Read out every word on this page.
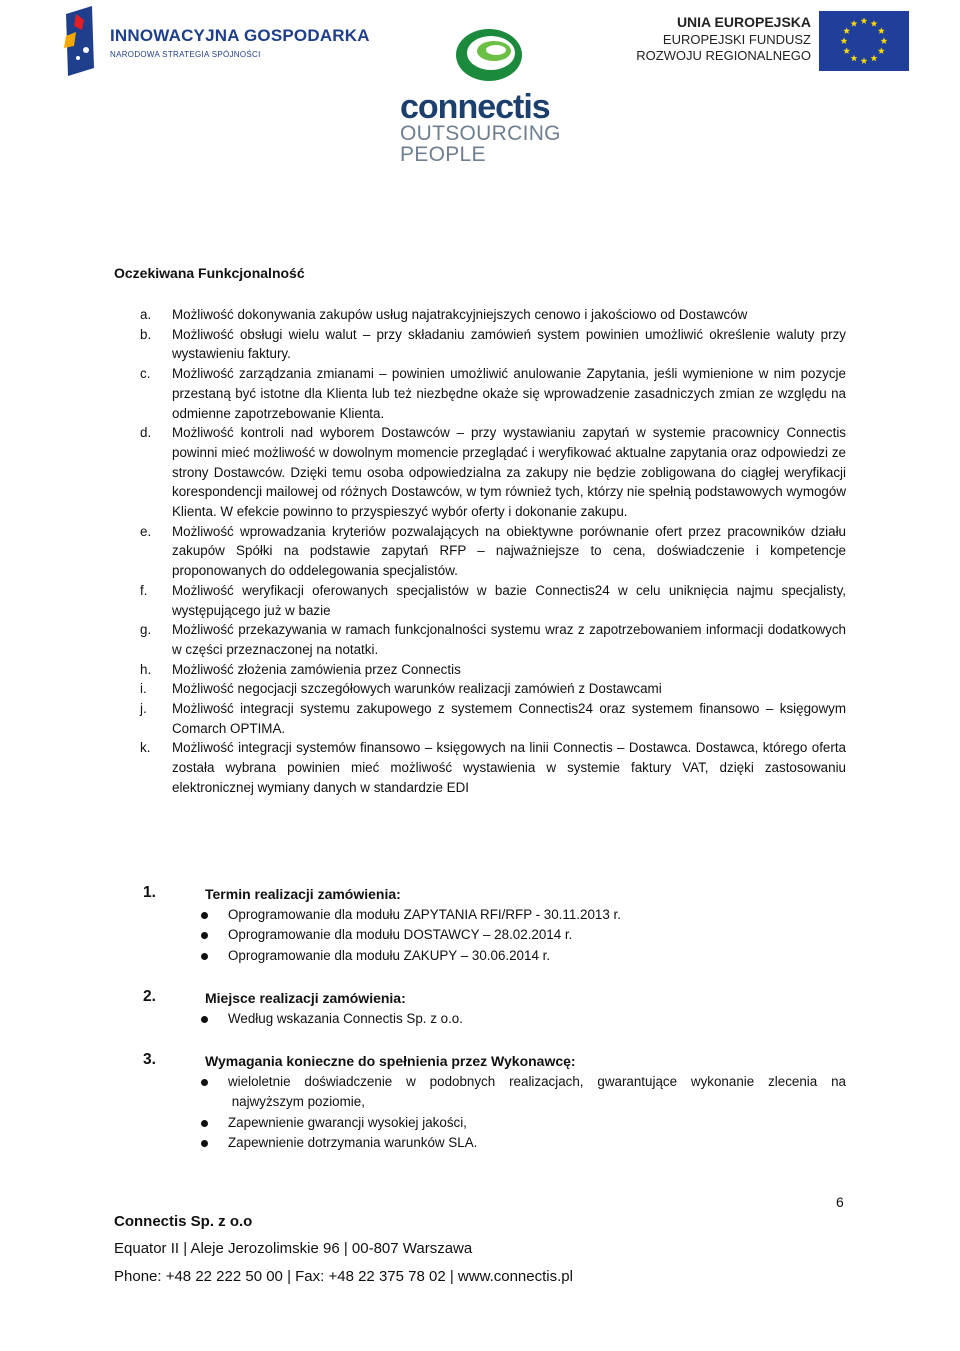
INNOWACYJNA GOSPODARKA
NARODOWA STRATEGIA SPÓJNOŚCI
connectis
OUTSOURCING
PEOPLE
UNIA EUROPEJSKA
EUROPEJSKI FUNDUSZ
ROZWOJU REGIONALNEGO
Oczekiwana Funkcjonalność
a. Możliwość dokonywania zakupów usług najatrakcyjniejszych cenowo i jakościowo od Dostawców
b. Możliwość obsługi wielu walut – przy składaniu zamówień system powinien umożliwić określenie waluty przy wystawieniu faktury.
c. Możliwość zarządzania zmianami – powinien umożliwić anulowanie Zapytania, jeśli wymienione w nim pozycje przestaną być istotne dla Klienta lub też niezbędne okaże się wprowadzenie zasadniczych zmian ze względu na odmienne zapotrzebowanie Klienta.
d. Możliwość kontroli nad wyborem Dostawców – przy wystawianiu zapytań w systemie pracownicy Connectis powinni mieć możliwość w dowolnym momencie przeglądać i weryfikować aktualne zapytania oraz odpowiedzi ze strony Dostawców. Dzięki temu osoba odpowiedzialna za zakupy nie będzie zobligowana do ciągłej weryfikacji korespondencji mailowej od różnych Dostawców, w tym również tych, którzy nie spełnią podstawowych wymogów Klienta. W efekcie powinno to przyspieszyć wybór oferty i dokonanie zakupu.
e. Możliwość wprowadzania kryteriów pozwalających na obiektywne porównanie ofert przez pracowników działu zakupów Spółki na podstawie zapytań RFP – najważniejsze to cena, doświadczenie i kompetencje proponowanych do oddelegowania specjalistów.
f. Możliwość weryfikacji oferowanych specjalistów w bazie Connectis24 w celu uniknięcia najmu specjalisty, występującego już w bazie
g. Możliwość przekazywania w ramach funkcjonalności systemu wraz z zapotrzebowaniem informacji dodatkowych w części przeznaczonej na notatki.
h. Możliwość złożenia zamówienia przez Connectis
i. Możliwość negocjacji szczegółowych warunków realizacji zamówień z Dostawcami
j. Możliwość integracji systemu zakupowego z systemem Connectis24 oraz systemem finansowo – księgowym Comarch OPTIMA.
k. Możliwość integracji systemów finansowo – księgowych na linii Connectis – Dostawca. Dostawca, którego oferta została wybrana powinien mieć możliwość wystawienia w systemie faktury VAT, dzięki zastosowaniu elektronicznej wymiany danych w standardzie EDI
1.	Termin realizacji zamówienia:
Oprogramowanie dla modułu ZAPYTANIA RFI/RFP - 30.11.2013 r.
Oprogramowanie dla modułu DOSTAWCY – 28.02.2014 r.
Oprogramowanie dla modułu ZAKUPY – 30.06.2014 r.
2.	Miejsce realizacji zamówienia:
Według wskazania Connectis Sp. z o.o.
3.	Wymagania konieczne do spełnienia przez Wykonawcę:
wieloletnie doświadczenie w podobnych realizacjach, gwarantujące wykonanie zlecenia na
najwyższym poziomie,
Zapewnienie gwarancji wysokiej jakości,
Zapewnienie dotrzymania warunków SLA.
6
Connectis Sp. z o.o
Equator II | Aleje Jerozolimskie 96 | 00-807 Warszawa
Phone: +48 22 222 50 00 | Fax: +48 22 375 78 02 | www.connectis.pl
